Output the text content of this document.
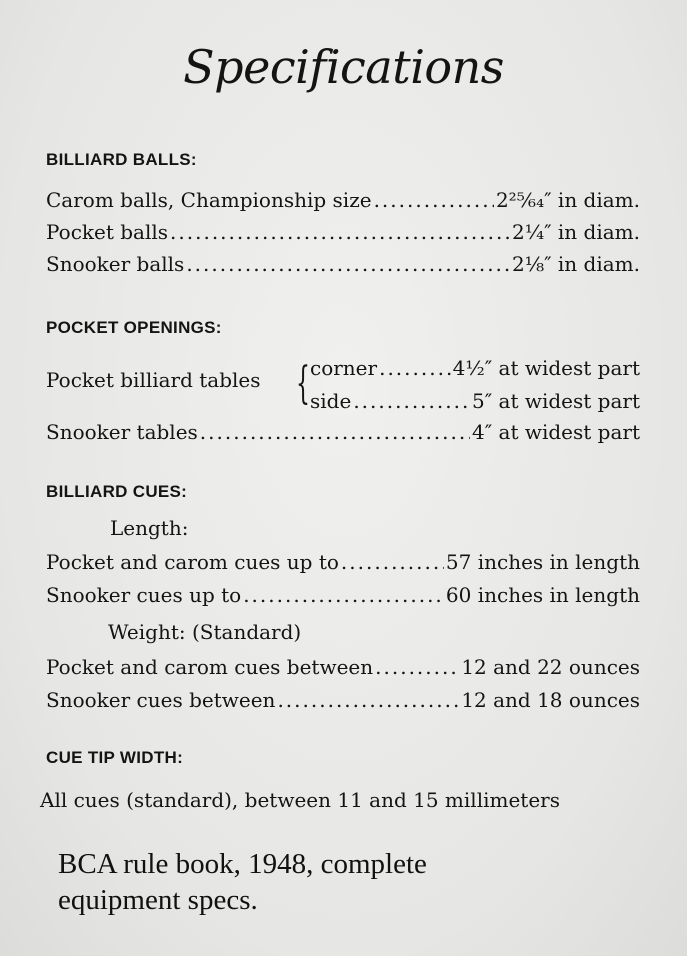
Specifications
BILLIARD BALLS:
Carom balls, Championship size .....	2²⁵⁄₆₄″ in diam.
Pocket balls .....	2¼″ in diam.
Snooker balls .....	2⅛″ in diam.
POCKET OPENINGS:
Pocket billiard tables { corner .....	4½″ at widest part
side .....	5″ at widest part
Snooker tables .....	4″ at widest part
BILLIARD CUES:
Length:
Pocket and carom cues up to .....	57 inches in length
Snooker cues up to .....	60 inches in length
Weight: (Standard)
Pocket and carom cues between .....	12 and 22 ounces
Snooker cues between .....	12 and 18 ounces
CUE TIP WIDTH:
All cues (standard), between 11 and 15 millimeters
BCA rule book, 1948, complete
equipment specs.
